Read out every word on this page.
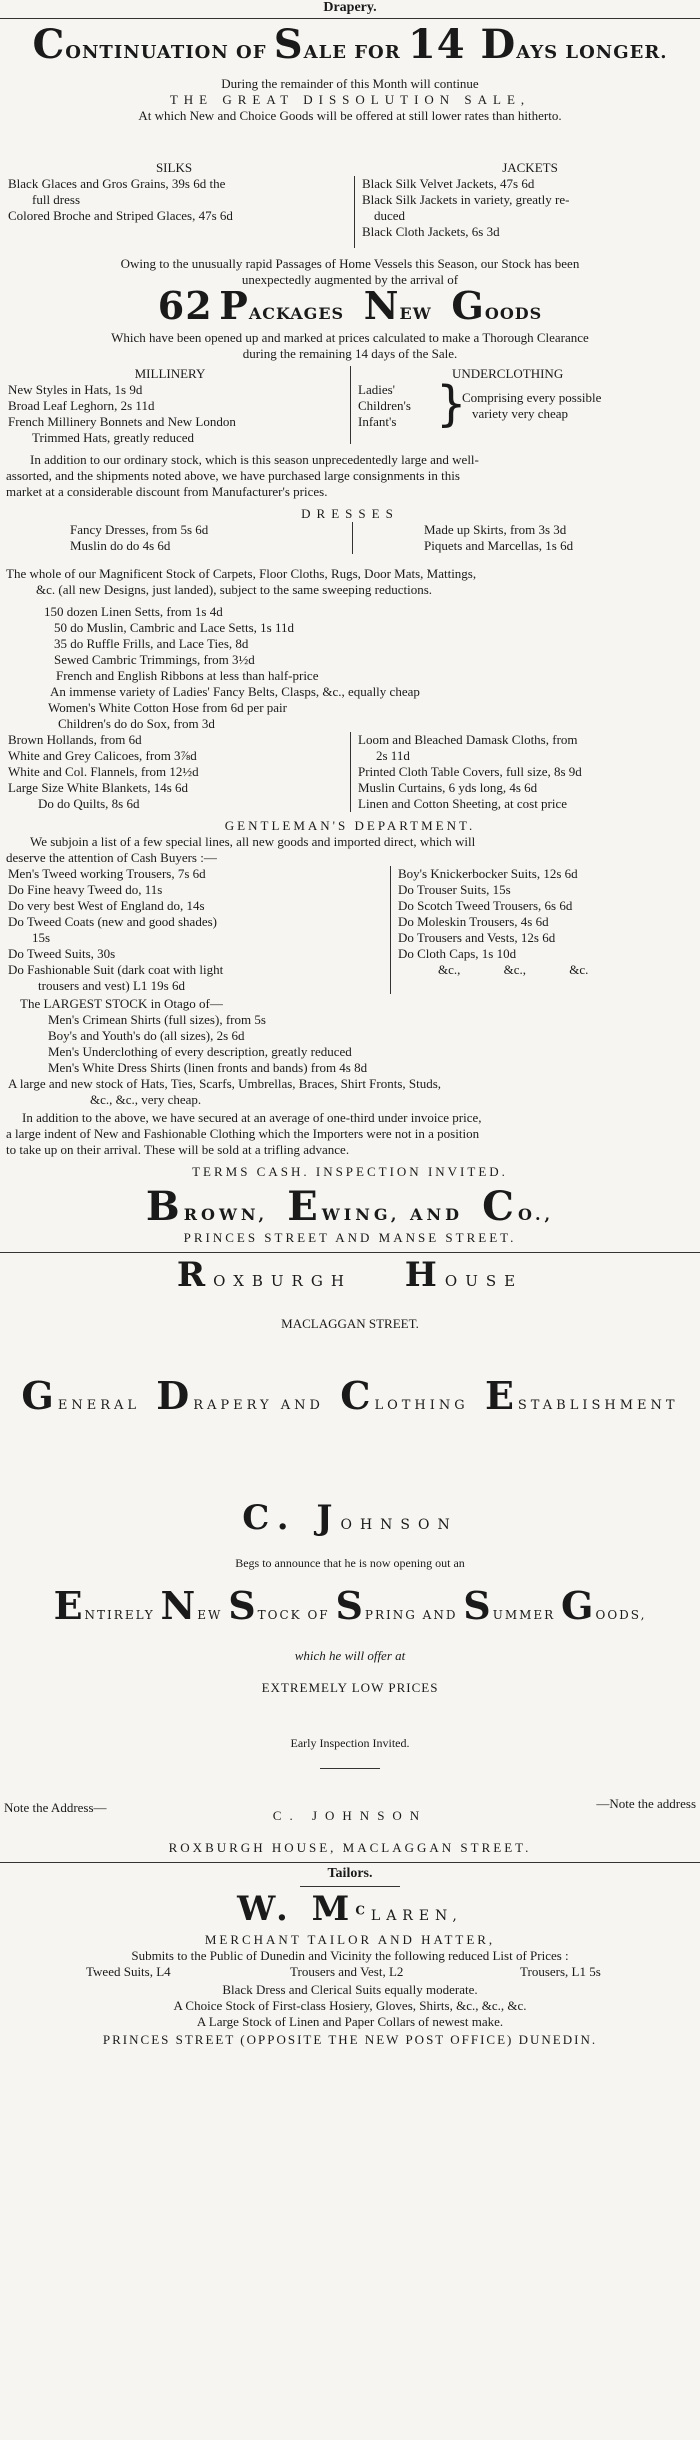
Drapery.
CONTINUATION OF SALE FOR 14 DAYS LONGER.
During the remainder of this Month will continue
THE GREAT DISSOLUTION SALE,
At which New and Choice Goods will be offered at still lower rates than hitherto.
SILKS
Black Glaces and Gros Grains, 39s 6d the
full dress
Colored Broche and Striped Glaces, 47s 6d
JACKETS
Black Silk Velvet Jackets, 47s 6d
Black Silk Jackets in variety, greatly re-
duced
Black Cloth Jackets, 6s 3d
Owing to the unusually rapid Passages of Home Vessels this Season, our Stock has been
unexpectedly augmented by the arrival of
62 PACKAGES NEW GOODS
Which have been opened up and marked at prices calculated to make a Thorough Clearance
during the remaining 14 days of the Sale.
MILLINERY
New Styles in Hats, 1s 9d
Broad Leaf Leghorn, 2s 11d
French Millinery Bonnets and New London
Trimmed Hats, greatly reduced
Ladies'
Children's
Infant's }
UNDERCLOTHING
Comprising every possible
variety very cheap
In addition to our ordinary stock, which is this season unprecedentedly large and well-
assorted, and the shipments noted above, we have purchased large consignments in this
market at a considerable discount from Manufacturer's prices.
DRESSES
Fancy Dresses, from 5s 6d
Muslin do do 4s 6d
Made up Skirts, from 3s 3d
Piquets and Marcellas, 1s 6d
The whole of our Magnificent Stock of Carpets, Floor Cloths, Rugs, Door Mats, Mattings,
&c. (all new Designs, just landed), subject to the same sweeping reductions.
150 dozen Linen Setts, from 1s 4d
50 do Muslin, Cambric and Lace Setts, 1s 11d
35 do Ruffle Frills, and Lace Ties, 8d
Sewed Cambric Trimmings, from 3½d
French and English Ribbons at less than half-price
An immense variety of Ladies' Fancy Belts, Clasps, &c., equally cheap
Women's White Cotton Hose from 6d per pair
Children's do do Sox, from 3d
Brown Hollands, from 6d
White and Grey Calicoes, from 3⅞d
White and Col. Flannels, from 12½d
Large Size White Blankets, 14s 6d
Do do Quilts, 8s 6d
Loom and Bleached Damask Cloths, from
2s 11d
Printed Cloth Table Covers, full size, 8s 9d
Muslin Curtains, 6 yds long, 4s 6d
Linen and Cotton Sheeting, at cost price
GENTLEMAN'S DEPARTMENT.
We subjoin a list of a few special lines, all new goods and imported direct, which will
deserve the attention of Cash Buyers :—
Men's Tweed working Trousers, 7s 6d
Do Fine heavy Tweed do, 11s
Do very best West of England do, 14s
Do Tweed Coats (new and good shades)
15s
Do Tweed Suits, 30s
Do Fashionable Suit (dark coat with light
trousers and vest) L1 19s 6d
Boy's Knickerbocker Suits, 12s 6d
Do Trouser Suits, 15s
Do Scotch Tweed Trousers, 6s 6d
Do Moleskin Trousers, 4s 6d
Do Trousers and Vests, 12s 6d
Do Cloth Caps, 1s 10d
&c., &c., &c.
The LARGEST STOCK in Otago of—
Men's Crimean Shirts (full sizes), from 5s
Boy's and Youth's do (all sizes), 2s 6d
Men's Underclothing of every description, greatly reduced
Men's White Dress Shirts (linen fronts and bands) from 4s 8d
A large and new stock of Hats, Ties, Scarfs, Umbrellas, Braces, Shirt Fronts, Studs,
&c., &c., very cheap.
In addition to the above, we have secured at an average of one-third under invoice price,
a large indent of New and Fashionable Clothing which the Importers were not in a position
to take up on their arrival. These will be sold at a trifling advance.
TERMS CASH. INSPECTION INVITED.
BROWN, EWING, AND CO.,
PRINCES STREET AND MANSE STREET.
ROXBURGH HOUSE
MACLAGGAN STREET.
GENERAL DRAPERY AND CLOTHING ESTABLISHMENT
C. JOHNSON
Begs to announce that he is now opening out an
ENTIRELY NEW STOCK OF SPRING AND SUMMER GOODS,
which he will offer at
EXTREMELY LOW PRICES
Early Inspection Invited.
Note the Address—	—Note the address
C. JOHNSON
ROXBURGH HOUSE, MACLAGGAN STREET.
Tailors.
W. $M^CLAREN$,
MERCHANT TAILOR AND HATTER,
Submits to the Public of Dunedin and Vicinity the following reduced List of Prices :
Tweed Suits, L4	Trousers and Vest, L2	Trousers, L1 5s
Black Dress and Clerical Suits equally moderate.
A Choice Stock of First-class Hosiery, Gloves, Shirts, &c., &c., &c.
A Large Stock of Linen and Paper Collars of newest make.
PRINCES STREET (OPPOSITE THE NEW POST OFFICE) DUNEDIN.
